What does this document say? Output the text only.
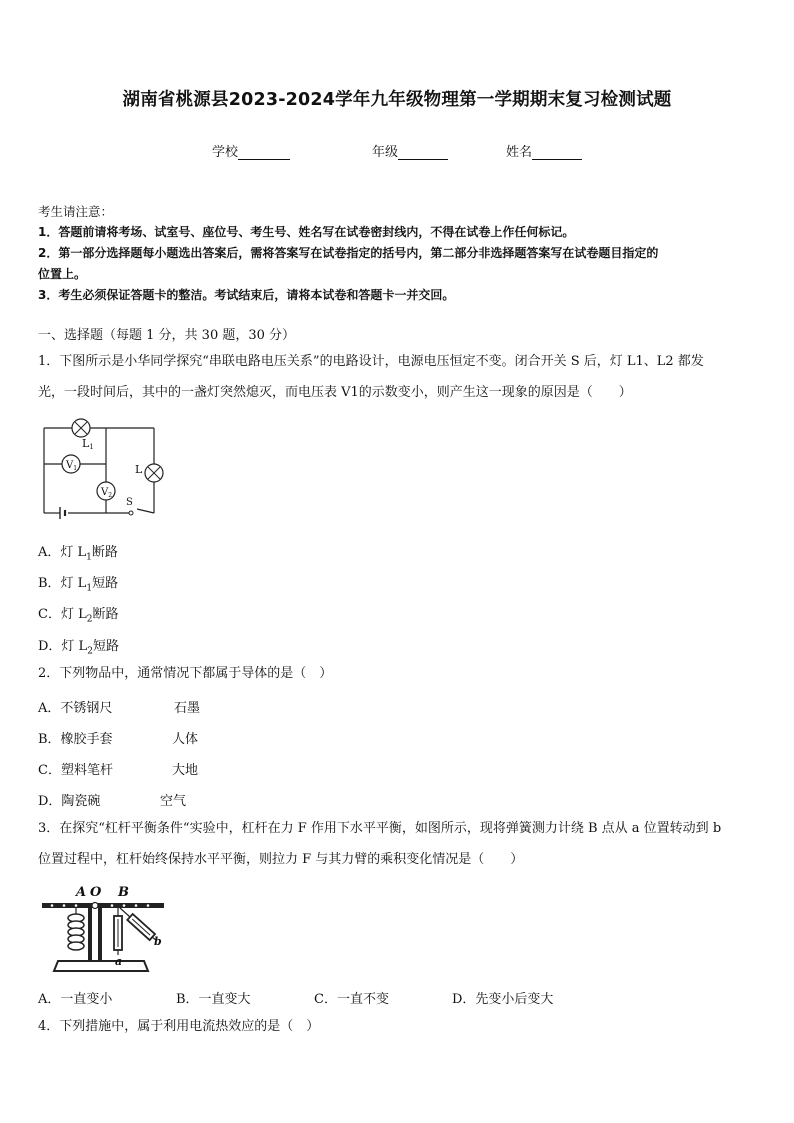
湖南省桃源县2023-2024学年九年级物理第一学期期末复习检测试题
学校	年级	姓名
考生请注意：
1．答题前请将考场、试室号、座位号、考生号、姓名写在试卷密封线内，不得在试卷上作任何标记。
2．第一部分选择题每小题选出答案后，需将答案写在试卷指定的括号内，第二部分非选择题答案写在试卷题目指定的
位置上。
3．考生必须保证答题卡的整洁。考试结束后，请将本试卷和答题卡一并交回。
一、选择题（每题 1 分，共 30 题，30 分）
1．下图所示是小华同学探究“串联电路电压关系”的电路设计，电源电压恒定不变。闭合开关 S 后，灯 L1、L2 都发
光，一段时间后，其中的一盏灯突然熄灭，而电压表 V1的示数变小，则产生这一现象的原因是（　　）
$V_1$
$V_2$
L1
L
S
A．灯 $L_1$断路
B．灯 $L_1$短路
C．灯 $L_2$断路
D．灯 $L_2$短路
2．下列物品中，通常情况下都属于导体的是（　）
A．不锈钢尺	石墨
B．橡胶手套	人体
C．塑料笔杆	大地
D．陶瓷碗	空气
3．在探究“杠杆平衡条件“实验中，杠杆在力 F 作用下水平平衡，如图所示，现将弹簧测力计绕 B 点从 a 位置转动到 b
位置过程中，杠杆始终保持水平平衡，则拉力 F 与其力臂的乘积变化情况是（　　）
A O B
a
b
A．一直变小	B．一直变大	C．一直不变	D．先变小后变大
4．下列措施中，属于利用电流热效应的是（　）
